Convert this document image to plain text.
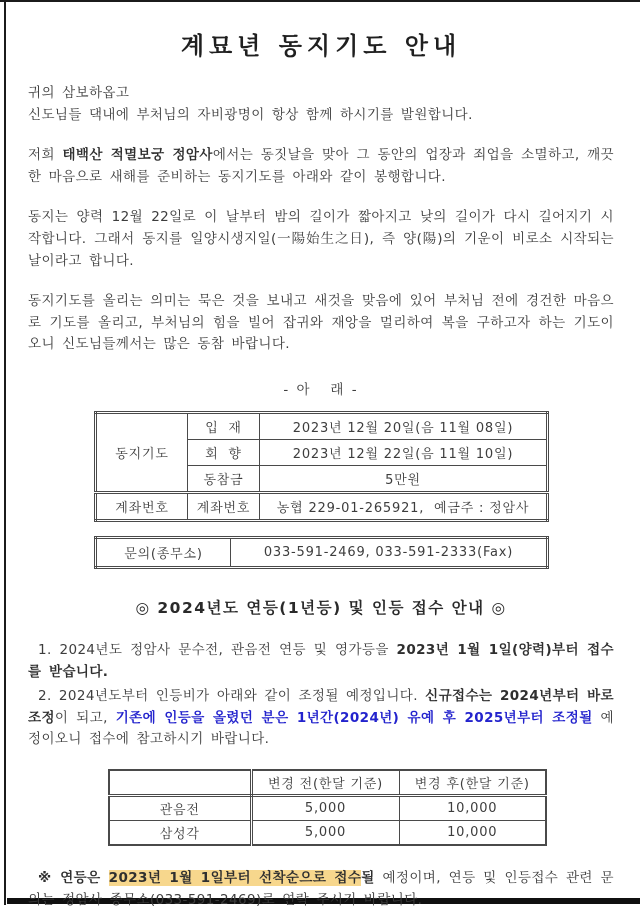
계묘년 동지기도 안내

귀의 삼보하옵고

신도님들 댁내에 부처님의 자비광명이 항상 함께 하시기를 발원합니다.

저희 태백산 적멸보궁 정암사에서는 동짓날을 맞아 그 동안의 업장과 죄업을 소멸하고, 깨끗한 마음으로 새해를 준비하는 동지기도를 아래와 같이 봉행합니다.

동지는 양력 12월 22일로 이 날부터 밤의 길이가 짧아지고 낮의 길이가 다시 길어지기 시작합니다. 그래서 동지를 일양시생지일(一陽始生之日), 즉 양(陽)의 기운이 비로소 시작되는 날이라고 합니다.

동지기도를 올리는 의미는 묵은 것을 보내고 새것을 맞음에 있어 부처님 전에 경건한 마음으로 기도를 올리고, 부처님의 힘을 빌어 잡귀와 재앙을 멀리하여 복을 구하고자 하는 기도이오니 신도님들께서는 많은 동참 바랍니다.

- 아   래 -
동지기도	입  재	2023년 12월 20일(음 11월 08일)
	회  향	2023년 12월 22일(음 11월 10일)
	동참금	5만원
계좌번호	계좌번호	농협 229-01-265921,  예금주 : 정암사
문의(종무소)	033-591-2469, 033-591-2333(Fax)
◎ 2024년도 연등(1년등) 및 인등 접수 안내 ◎

1. 2024년도 정암사 문수전, 관음전 연등 및 영가등을 2023년 1월 1일(양력)부터 접수를 받습니다.

2. 2024년도부터 인등비가 아래와 같이 조정될 예정입니다. 신규접수는 2024년부터 바로 조정이 되고, 기존에 인등을 올렸던 분은 1년간(2024년) 유예 후 2025년부터 조정될 예정이오니 접수에 참고하시기 바랍니다.

	변경 전(한달 기준)	변경 후(한달 기준)
관음전	5,000	10,000
삼성각	5,000	10,000

※ 연등은 2023년 1월 1일부터 선착순으로 접수될 예정이며, 연등 및 인등접수 관련 문의는 정암사 종무소(033-591-2469)로 연락 주시기 바랍니다.
